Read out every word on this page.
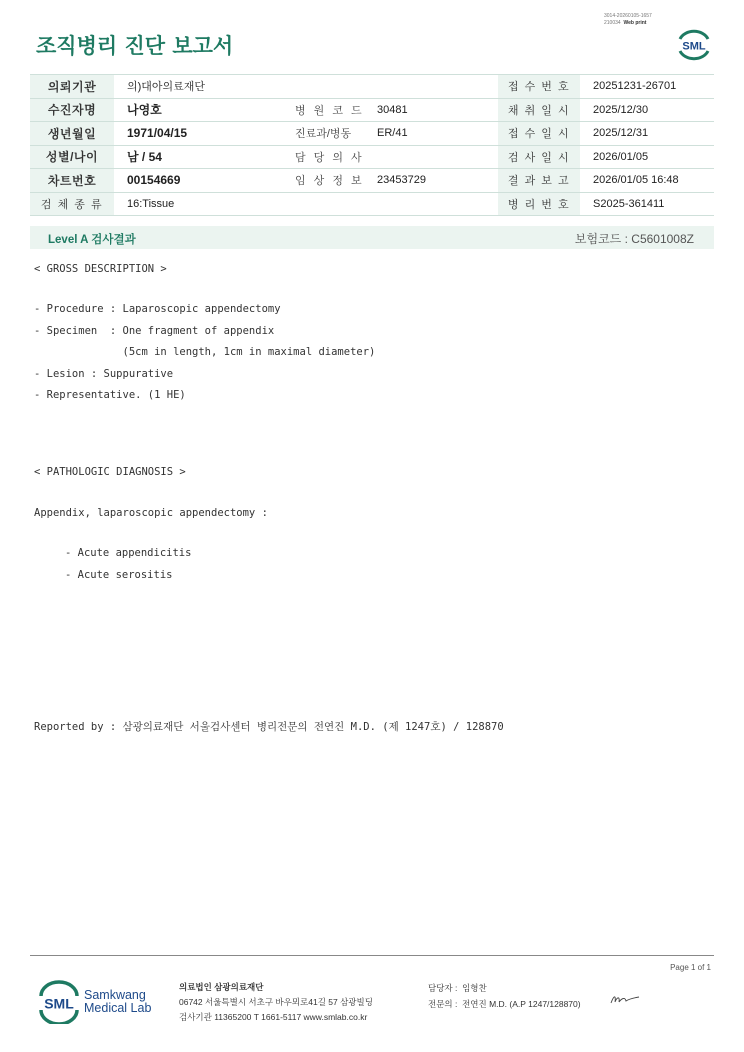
조직병리 진단 보고서
3014-20260105-1657
210034 Web print
SML
의뢰기관	의)대아의료재단			접 수 번 호	20251231-26701
수진자명	나영호	병 원 코 드	30481	채 취 일 시	2025/12/30
생년월일	1971/04/15	진료과/병동	ER/41	접 수 일 시	2025/12/31
성별/나이	남 / 54	담 당 의 사		검 사 일 시	2026/01/05
차트번호	00154669	임 상 정 보	23453729	결 과 보 고	2026/01/05 16:48
검 체 종 류	16:Tissue			병 리 번 호	S2025-361411
Level A 검사결과	보험코드 : C5601008Z
< GROSS DESCRIPTION >
- Procedure : Laparoscopic appendectomy
- Specimen  : One fragment of appendix
(5cm in length, 1cm in maximal diameter)
- Lesion : Suppurative
- Representative. (1 HE)
< PATHOLOGIC DIAGNOSIS >
Appendix, laparoscopic appendectomy :
- Acute appendicitis
- Acute serositis
Reported by : 삼광의료재단 서울검사센터 병리전문의 전연진 M.D. (제 1247호) / 128870
Page 1 of 1
SML
Samkwang
Medical Lab
의료법인 삼광의료재단
06742 서울특별시 서초구 바우뫼로41길 57 삼광빌딩
검사기관 11365200 T 1661-5117 www.smlab.co.kr
담당자 : 임형찬
전문의 : 전연진 M.D. (A.P 1247/128870)
